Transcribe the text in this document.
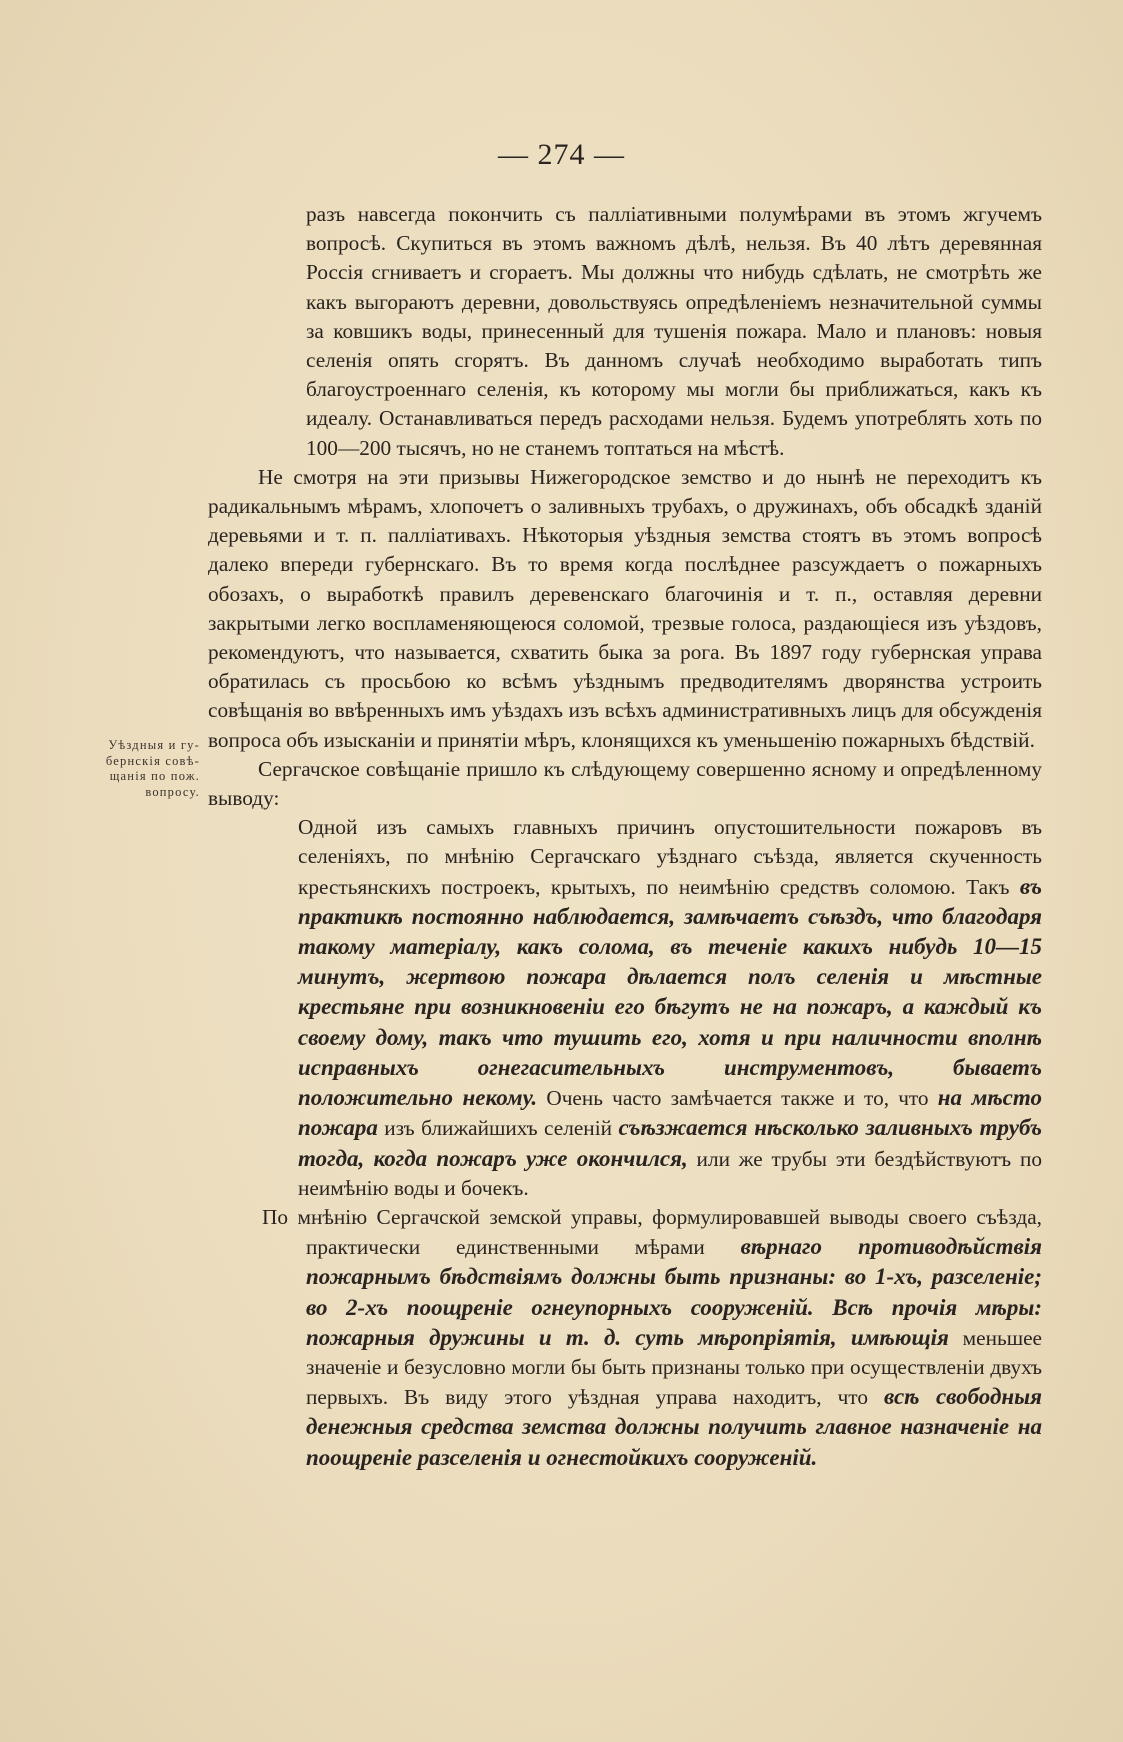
— 274 —
Уѣздныя и гу-
бернскія совѣ-
щанія по пож.
вопросу.

разъ навсегда покончить съ палліативными полумѣрами въ этомъ жгучемъ вопросѣ. Скупиться въ этомъ важномъ дѣлѣ, нельзя. Въ 40 лѣтъ деревянная Россія сгниваетъ и сгораетъ. Мы должны что нибудь сдѣлать, не смотрѣть же какъ выгораютъ деревни, довольствуясь опредѣленіемъ незначительной суммы за ковшикъ воды, принесенный для тушенія пожара. Мало и плановъ: новыя селенія опять сгорятъ. Въ данномъ случаѣ необходимо выработать типъ благоустроеннаго селенія, къ которому мы могли бы приближаться, какъ къ идеалу. Останавливаться передъ расходами нельзя. Будемъ употреблять хоть по 100—200 тысячъ, но не станемъ топтаться на мѣстѣ.

Не смотря на эти призывы Нижегородское земство и до нынѣ не переходитъ къ радикальнымъ мѣрамъ, хлопочетъ о заливныхъ трубахъ, о дружинахъ, объ обсадкѣ зданій деревьями и т. п. палліативахъ. Нѣкоторыя уѣздныя земства стоятъ въ этомъ вопросѣ далеко впереди губернскаго. Въ то время когда послѣднее разсуждаетъ о пожарныхъ обозахъ, о выработкѣ правилъ деревенскаго благочинія и т. п., оставляя деревни закрытыми легко воспламеняющеюся соломой, трезвые голоса, раздающіеся изъ уѣздовъ, рекомендуютъ, что называется, схватить быка за рога. Въ 1897 году губернская управа обратилась съ просьбою ко всѣмъ уѣзднымъ предводителямъ дворянства устроить совѣщанія во ввѣренныхъ имъ уѣздахъ изъ всѣхъ административныхъ лицъ для обсужденія вопроса объ изысканіи и принятіи мѣръ, клонящихся къ уменьшенію пожарныхъ бѣдствій.

Сергачское совѣщаніе пришло къ слѣдующему совершенно ясному и опредѣленному выводу:

Одной изъ самыхъ главныхъ причинъ опустошительности пожаровъ въ селеніяхъ, по мнѣнію Сергачскаго уѣзднаго съѣзда, является скученность крестьянскихъ построекъ, крытыхъ, по неимѣнію средствъ соломою. Такъ въ практикѣ постоянно наблюдается, замѣчаетъ съѣздъ, что благодаря такому матеріалу, какъ солома, въ теченіе какихъ нибудь 10—15 минутъ, жертвою пожара дѣлается полъ селенія и мѣстные крестьяне при возникновеніи его бѣгутъ не на пожаръ, а каждый къ своему дому, такъ что тушить его, хотя и при наличности вполнѣ исправныхъ огнегасительныхъ инструментовъ, бываетъ положительно некому. Очень часто замѣчается также и то, что на мѣсто пожара изъ ближайшихъ селеній съѣзжается нѣсколько заливныхъ трубъ тогда, когда пожаръ уже окончился, или же трубы эти бездѣйствуютъ по неимѣнію воды и бочекъ.

По мнѣнію Сергачской земской управы, формулировавшей выводы своего съѣзда, практически единственными мѣрами вѣрнаго противодѣйствія пожарнымъ бѣдствіямъ должны быть признаны: во 1-хъ, разселеніе; во 2-хъ поощреніе огнеупорныхъ сооруженій. Всѣ прочія мѣры: пожарныя дружины и т. д. суть мѣропріятія, имѣющія меньшее значеніе и безусловно могли бы быть признаны только при осуществленіи двухъ первыхъ. Въ виду этого уѣздная управа находитъ, что всѣ свободныя денежныя средства земства должны получить главное назначеніе на поощреніе разселенія и огнестойкихъ сооруженій.
